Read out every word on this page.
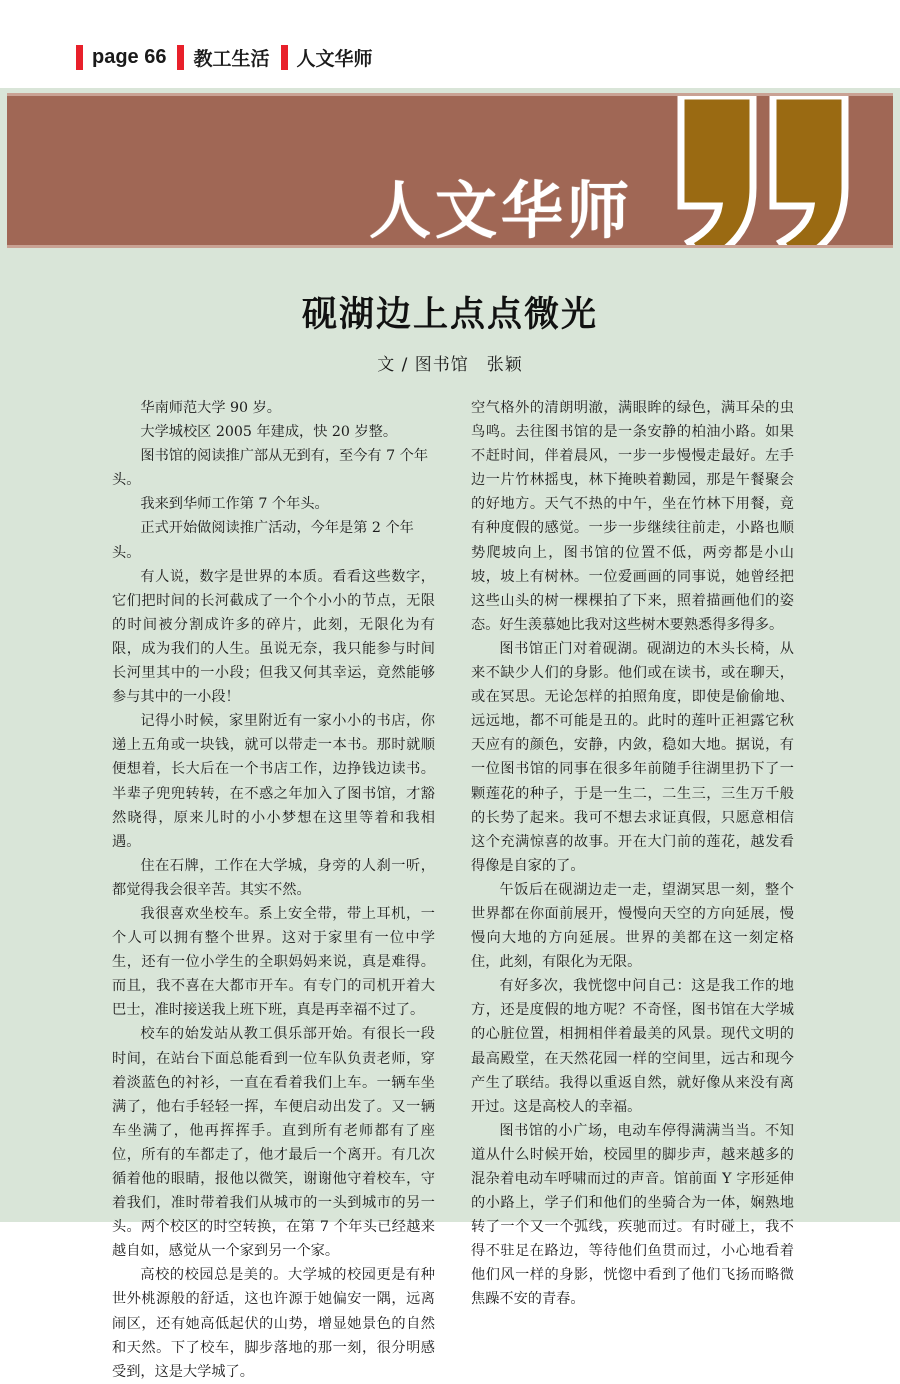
page 66 教工生活 人文华师
人文华师
砚湖边上点点微光
文 / 图书馆　张颖

华南师范大学 90 岁。

大学城校区 2005 年建成，快 20 岁整。

图书馆的阅读推广部从无到有，至今有 7 个年头。

我来到华师工作第 7 个年头。

正式开始做阅读推广活动，今年是第 2 个年头。

有人说，数字是世界的本质。看看这些数字，它们把时间的长河截成了一个个小小的节点，无限的时间被分割成许多的碎片，此刻，无限化为有限，成为我们的人生。虽说无奈，我只能参与时间长河里其中的一小段；但我又何其幸运，竟然能够参与其中的一小段！

记得小时候，家里附近有一家小小的书店，你递上五角或一块钱，就可以带走一本书。那时就顺便想着，长大后在一个书店工作，边挣钱边读书。半辈子兜兜转转，在不惑之年加入了图书馆，才豁然晓得，原来儿时的小小梦想在这里等着和我相遇。

住在石牌，工作在大学城，身旁的人刹一听，都觉得我会很辛苦。其实不然。

我很喜欢坐校车。系上安全带，带上耳机，一个人可以拥有整个世界。这对于家里有一位中学生，还有一位小学生的全职妈妈来说，真是难得。而且，我不喜在大都市开车。有专门的司机开着大巴士，准时接送我上班下班，真是再幸福不过了。

校车的始发站从教工俱乐部开始。有很长一段时间，在站台下面总能看到一位车队负责老师，穿着淡蓝色的衬衫，一直在看着我们上车。一辆车坐满了，他右手轻轻一挥，车便启动出发了。又一辆车坐满了，他再挥挥手。直到所有老师都有了座位，所有的车都走了，他才最后一个离开。有几次循着他的眼睛，报他以微笑，谢谢他守着校车，守着我们，准时带着我们从城市的一头到城市的另一头。两个校区的时空转换，在第 7 个年头已经越来越自如，感觉从一个家到另一个家。

高校的校园总是美的。大学城的校园更是有种世外桃源般的舒适，这也许源于她偏安一隅，远离闹区，还有她高低起伏的山势，增显她景色的自然和天然。下了校车，脚步落地的那一刻，很分明感受到，这是大学城了。

空气格外的清朗明澈，满眼眸的绿色，满耳朵的虫鸟鸣。去往图书馆的是一条安静的柏油小路。如果不赶时间，伴着晨风，一步一步慢慢走最好。左手边一片竹林摇曳，林下掩映着勷园，那是午餐聚会的好地方。天气不热的中午，坐在竹林下用餐，竟有种度假的感觉。一步一步继续往前走，小路也顺势爬坡向上，图书馆的位置不低，两旁都是小山坡，坡上有树林。一位爱画画的同事说，她曾经把这些山头的树一棵棵拍了下来，照着描画他们的姿态。好生羡慕她比我对这些树木要熟悉得多得多。

图书馆正门对着砚湖。砚湖边的木头长椅，从来不缺少人们的身影。他们或在读书，或在聊天，或在冥思。无论怎样的拍照角度，即使是偷偷地、远远地，都不可能是丑的。此时的莲叶正袒露它秋天应有的颜色，安静，内敛，稳如大地。据说，有一位图书馆的同事在很多年前随手往湖里扔下了一颗莲花的种子，于是一生二，二生三，三生万千般的长势了起来。我可不想去求证真假，只愿意相信这个充满惊喜的故事。开在大门前的莲花，越发看得像是自家的了。

午饭后在砚湖边走一走，望湖冥思一刻，整个世界都在你面前展开，慢慢向天空的方向延展，慢慢向大地的方向延展。世界的美都在这一刻定格住，此刻，有限化为无限。

有好多次，我恍惚中问自己：这是我工作的地方，还是度假的地方呢？不奇怪，图书馆在大学城的心脏位置，相拥相伴着最美的风景。现代文明的最高殿堂，在天然花园一样的空间里，远古和现今产生了联结。我得以重返自然，就好像从来没有离开过。这是高校人的幸福。

图书馆的小广场，电动车停得满满当当。不知道从什么时候开始，校园里的脚步声，越来越多的混杂着电动车呼啸而过的声音。馆前面 Y 字形延伸的小路上，学子们和他们的坐骑合为一体，娴熟地转了一个又一个弧线，疾驰而过。有时碰上，我不得不驻足在路边，等待他们鱼贯而过，小心地看着他们风一样的身影，恍惚中看到了他们飞扬而略微焦躁不安的青春。
